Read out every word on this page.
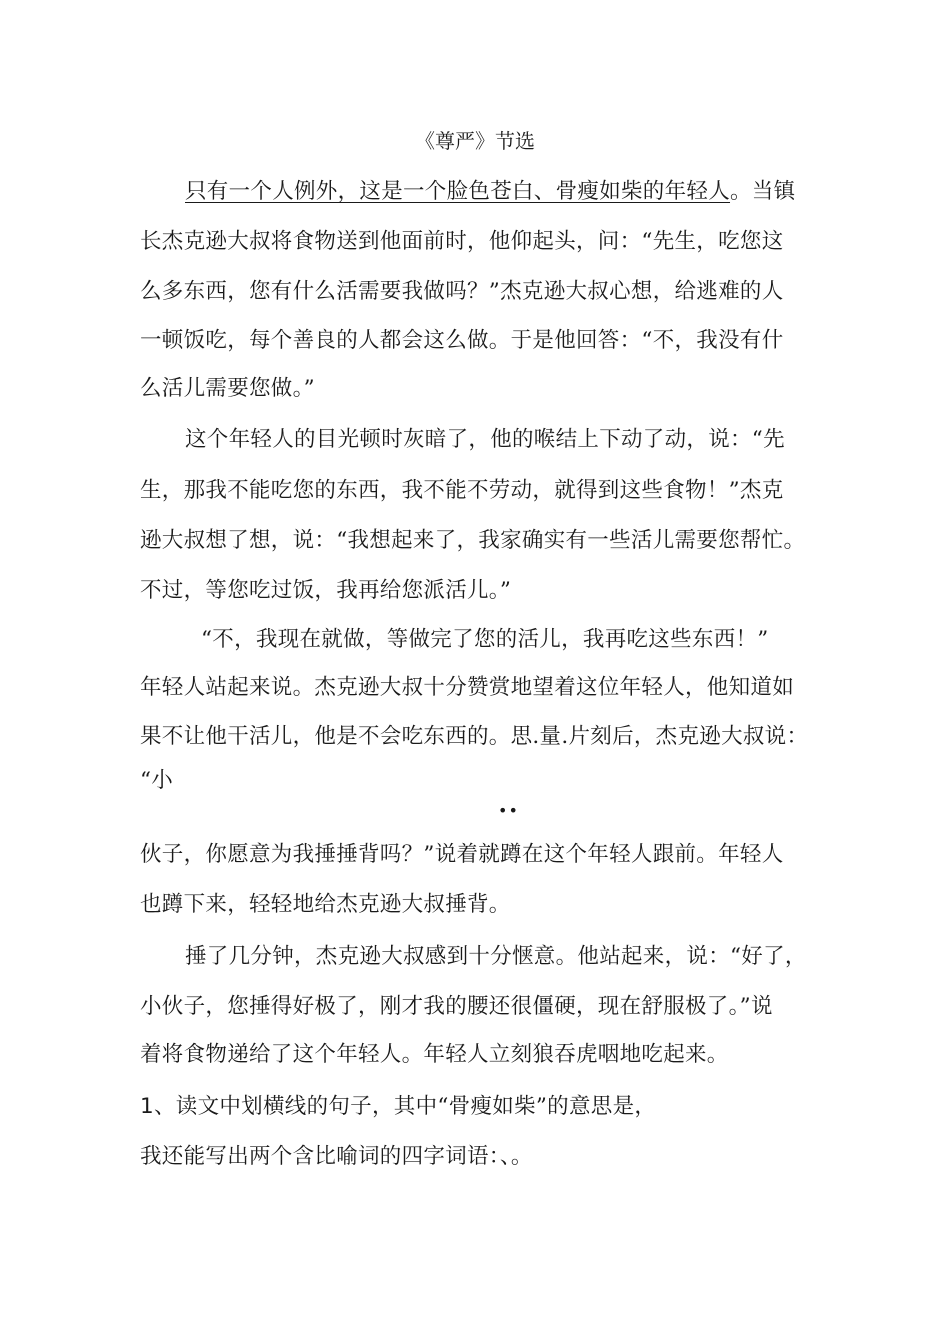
《尊严》节选
只有一个人例外，这是一个脸色苍白、骨瘦如柴的年轻人。当镇
长杰克逊大叔将食物送到他面前时，他仰起头，问：“先生，吃您这
么多东西，您有什么活需要我做吗？”杰克逊大叔心想，给逃难的人
一顿饭吃，每个善良的人都会这么做。于是他回答：“不，我没有什
么活儿需要您做。”
这个年轻人的目光顿时灰暗了，他的喉结上下动了动，说：“先
生，那我不能吃您的东西，我不能不劳动，就得到这些食物！”杰克
逊大叔想了想，说：“我想起来了，我家确实有一些活儿需要您帮忙。
不过，等您吃过饭，我再给您派活儿。”
“不，我现在就做，等做完了您的活儿，我再吃这些东西！”
年轻人站起来说。杰克逊大叔十分赞赏地望着这位年轻人，他知道如
果不让他干活儿，他是不会吃东西的。思.量.片刻后，杰克逊大叔说：
“小
••
伙子，你愿意为我捶捶背吗？”说着就蹲在这个年轻人跟前。年轻人
也蹲下来，轻轻地给杰克逊大叔捶背。
捶了几分钟，杰克逊大叔感到十分惬意。他站起来，说：“好了，
小伙子，您捶得好极了，刚才我的腰还很僵硬，现在舒服极了。”说
着将食物递给了这个年轻人。年轻人立刻狼吞虎咽地吃起来。
1、读文中划横线的句子，其中“骨瘦如柴”的意思是，
我还能写出两个含比喻词的四字词语：、。
